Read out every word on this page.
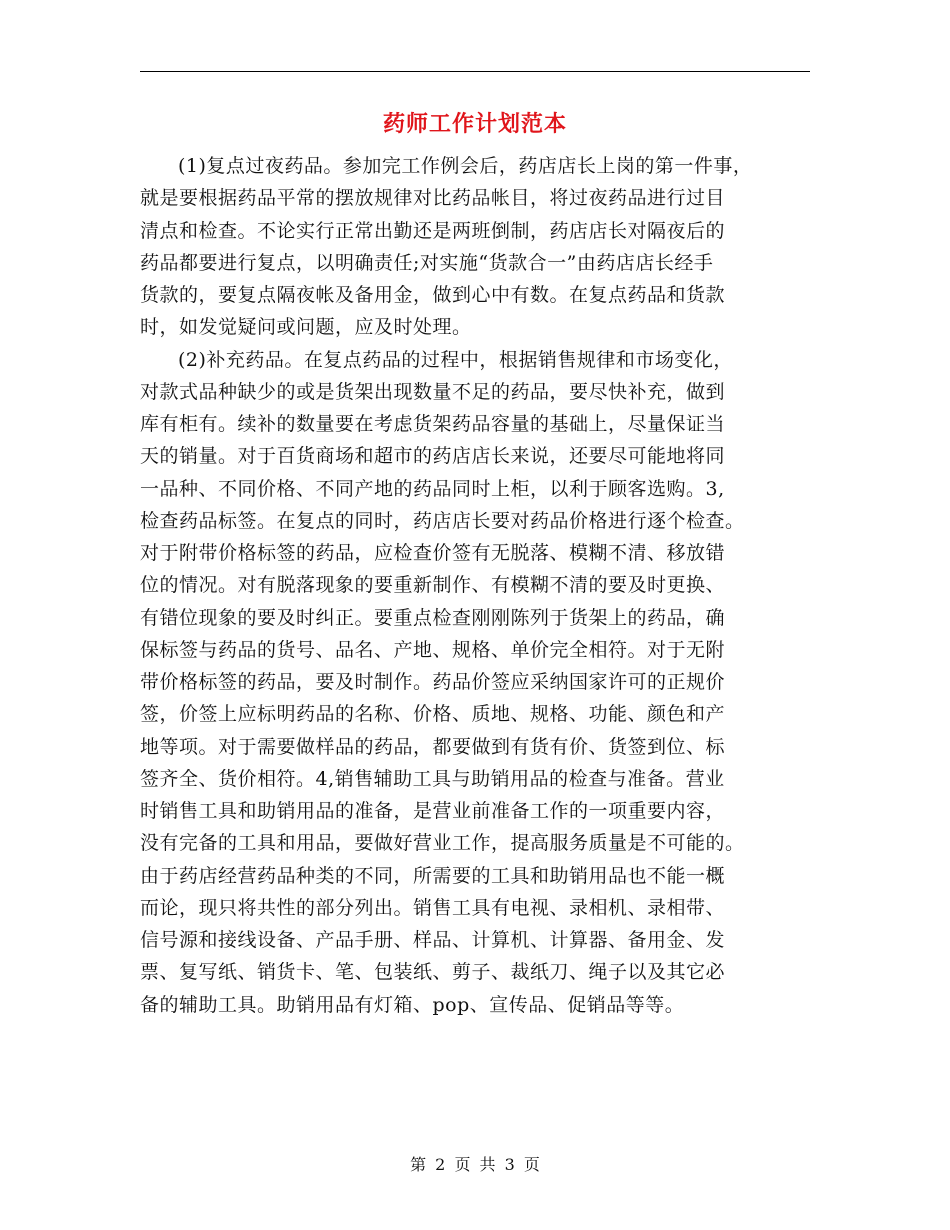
药师工作计划范本
(1)复点过夜药品。参加完工作例会后，药店店长上岗的第一件事，
就是要根据药品平常的摆放规律对比药品帐目，将过夜药品进行过目
清点和检查。不论实行正常出勤还是两班倒制，药店店长对隔夜后的
药品都要进行复点，以明确责任;对实施“货款合一”由药店店长经手
货款的，要复点隔夜帐及备用金，做到心中有数。在复点药品和货款
时，如发觉疑问或问题，应及时处理。
(2)补充药品。在复点药品的过程中，根据销售规律和市场变化，
对款式品种缺少的或是货架出现数量不足的药品，要尽快补充，做到
库有柜有。续补的数量要在考虑货架药品容量的基础上，尽量保证当
天的销量。对于百货商场和超市的药店店长来说，还要尽可能地将同
一品种、不同价格、不同产地的药品同时上柜，以利于顾客选购。3,
检查药品标签。在复点的同时，药店店长要对药品价格进行逐个检查。
对于附带价格标签的药品，应检查价签有无脱落、模糊不清、移放错
位的情况。对有脱落现象的要重新制作、有模糊不清的要及时更换、
有错位现象的要及时纠正。要重点检查刚刚陈列于货架上的药品，确
保标签与药品的货号、品名、产地、规格、单价完全相符。对于无附
带价格标签的药品，要及时制作。药品价签应采纳国家许可的正规价
签，价签上应标明药品的名称、价格、质地、规格、功能、颜色和产
地等项。对于需要做样品的药品，都要做到有货有价、货签到位、标
签齐全、货价相符。4,销售辅助工具与助销用品的检查与准备。营业
时销售工具和助销用品的准备，是营业前准备工作的一项重要内容，
没有完备的工具和用品，要做好营业工作，提高服务质量是不可能的。
由于药店经营药品种类的不同，所需要的工具和助销用品也不能一概
而论，现只将共性的部分列出。销售工具有电视、录相机、录相带、
信号源和接线设备、产品手册、样品、计算机、计算器、备用金、发
票、复写纸、销货卡、笔、包装纸、剪子、裁纸刀、绳子以及其它必
备的辅助工具。助销用品有灯箱、pop、宣传品、促销品等等。
第 2 页 共 3 页
